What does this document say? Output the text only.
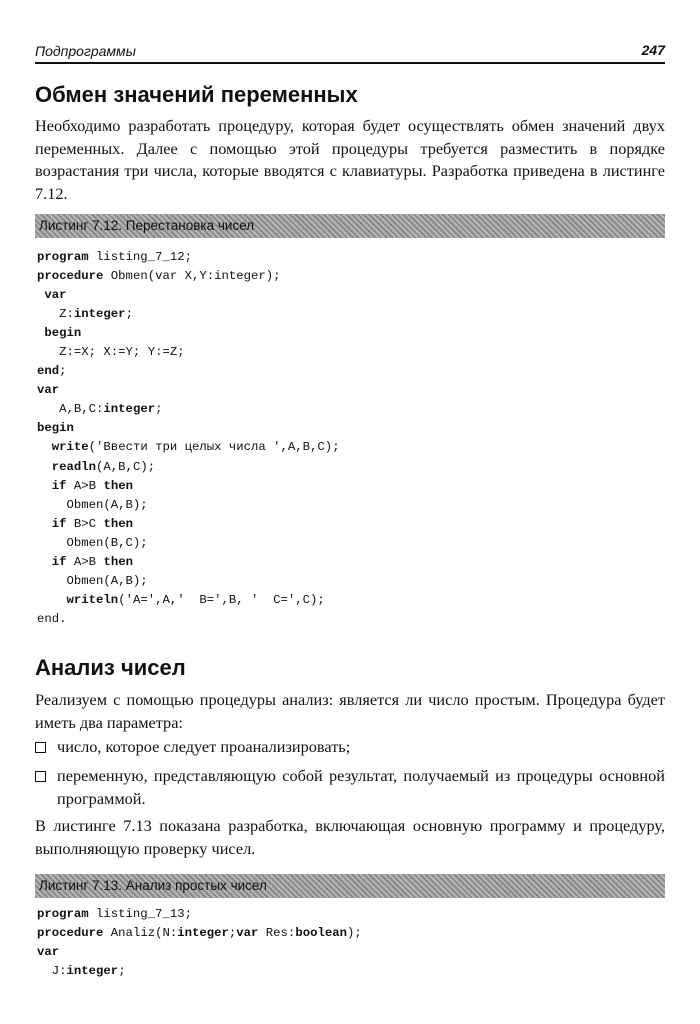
Подпрограммы	247
Обмен значений переменных

Необходимо разработать процедуру, которая будет осуществлять обмен значений двух переменных. Далее с помощью этой процедуры требуется разместить в порядке возрастания три числа, которые вводятся с клавиатуры. Разработка приведена в листинге 7.12.

Листинг 7.12. Перестановка чисел
program listing_7_12;
procedure Obmen(var X,Y:integer);
var
Z:integer;
begin
Z:=X; X:=Y; Y:=Z;
end;
var
A,B,C:integer;
begin
write('Ввести три целых числа ',A,B,C);
readln(A,B,C);
if A>B then
Obmen(A,B);
if B>C then
Obmen(B,C);
if A>B then
Obmen(A,B);
writeln('A=',A,'  B=',B, '  C=',C);
end.
Анализ чисел

Реализуем с помощью процедуры анализ: является ли число простым. Процедура будет иметь два параметра:

число, которое следует проанализировать;
переменную, представляющую собой результат, получаемый из процедуры основной программой.

В листинге 7.13 показана разработка, включающая основную программу и процедуру, выполняющую проверку чисел.

Листинг 7.13. Анализ простых чисел
program listing_7_13;
procedure Analiz(N:integer;var Res:boolean);
var
J:integer;
